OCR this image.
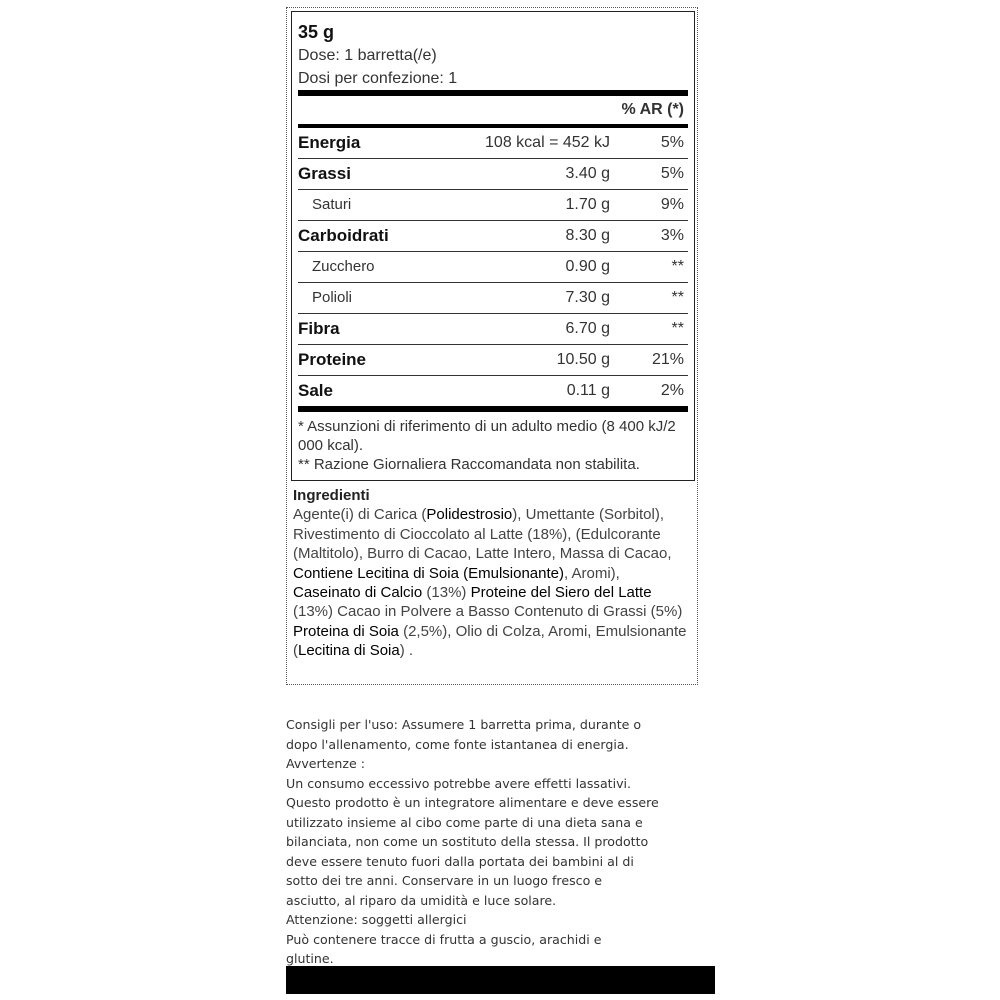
35 g
Dose: 1 barretta(/e)
Dosi per confezione: 1
% AR (*)
Energia	108 kcal = 452 kJ	5%
Grassi	3.40 g	5%
Saturi	1.70 g	9%
Carboidrati	8.30 g	3%
Zucchero	0.90 g	**
Polioli	7.30 g	**
Fibra	6.70 g	**
Proteine	10.50 g	21%
Sale	0.11 g	2%
* Assunzioni di riferimento di un adulto medio (8 400 kJ/2 000 kcal).
** Razione Giornaliera Raccomandata non stabilita.
Ingredienti
Agente(i) di Carica (Polidestrosio), Umettante (Sorbitol), Rivestimento di Cioccolato al Latte (18%), (Edulcorante (Maltitolo), Burro di Cacao, Latte Intero, Massa di Cacao, Contiene Lecitina di Soia (Emulsionante), Aromi), Caseinato di Calcio (13%) Proteine del Siero del Latte (13%) Cacao in Polvere a Basso Contenuto di Grassi (5%) Proteina di Soia (2,5%), Olio di Colza, Aromi, Emulsionante (Lecitina di Soia) .
Consigli per l'uso: Assumere 1 barretta prima, durante o
dopo l'allenamento, come fonte istantanea di energia.
Avvertenze :
Un consumo eccessivo potrebbe avere effetti lassativi.
Questo prodotto è un integratore alimentare e deve essere
utilizzato insieme al cibo come parte di una dieta sana e
bilanciata, non come un sostituto della stessa. Il prodotto
deve essere tenuto fuori dalla portata dei bambini al di
sotto dei tre anni. Conservare in un luogo fresco e
asciutto, al riparo da umidità e luce solare.
Attenzione: soggetti allergici
Può contenere tracce di frutta a guscio, arachidi e
glutine.
